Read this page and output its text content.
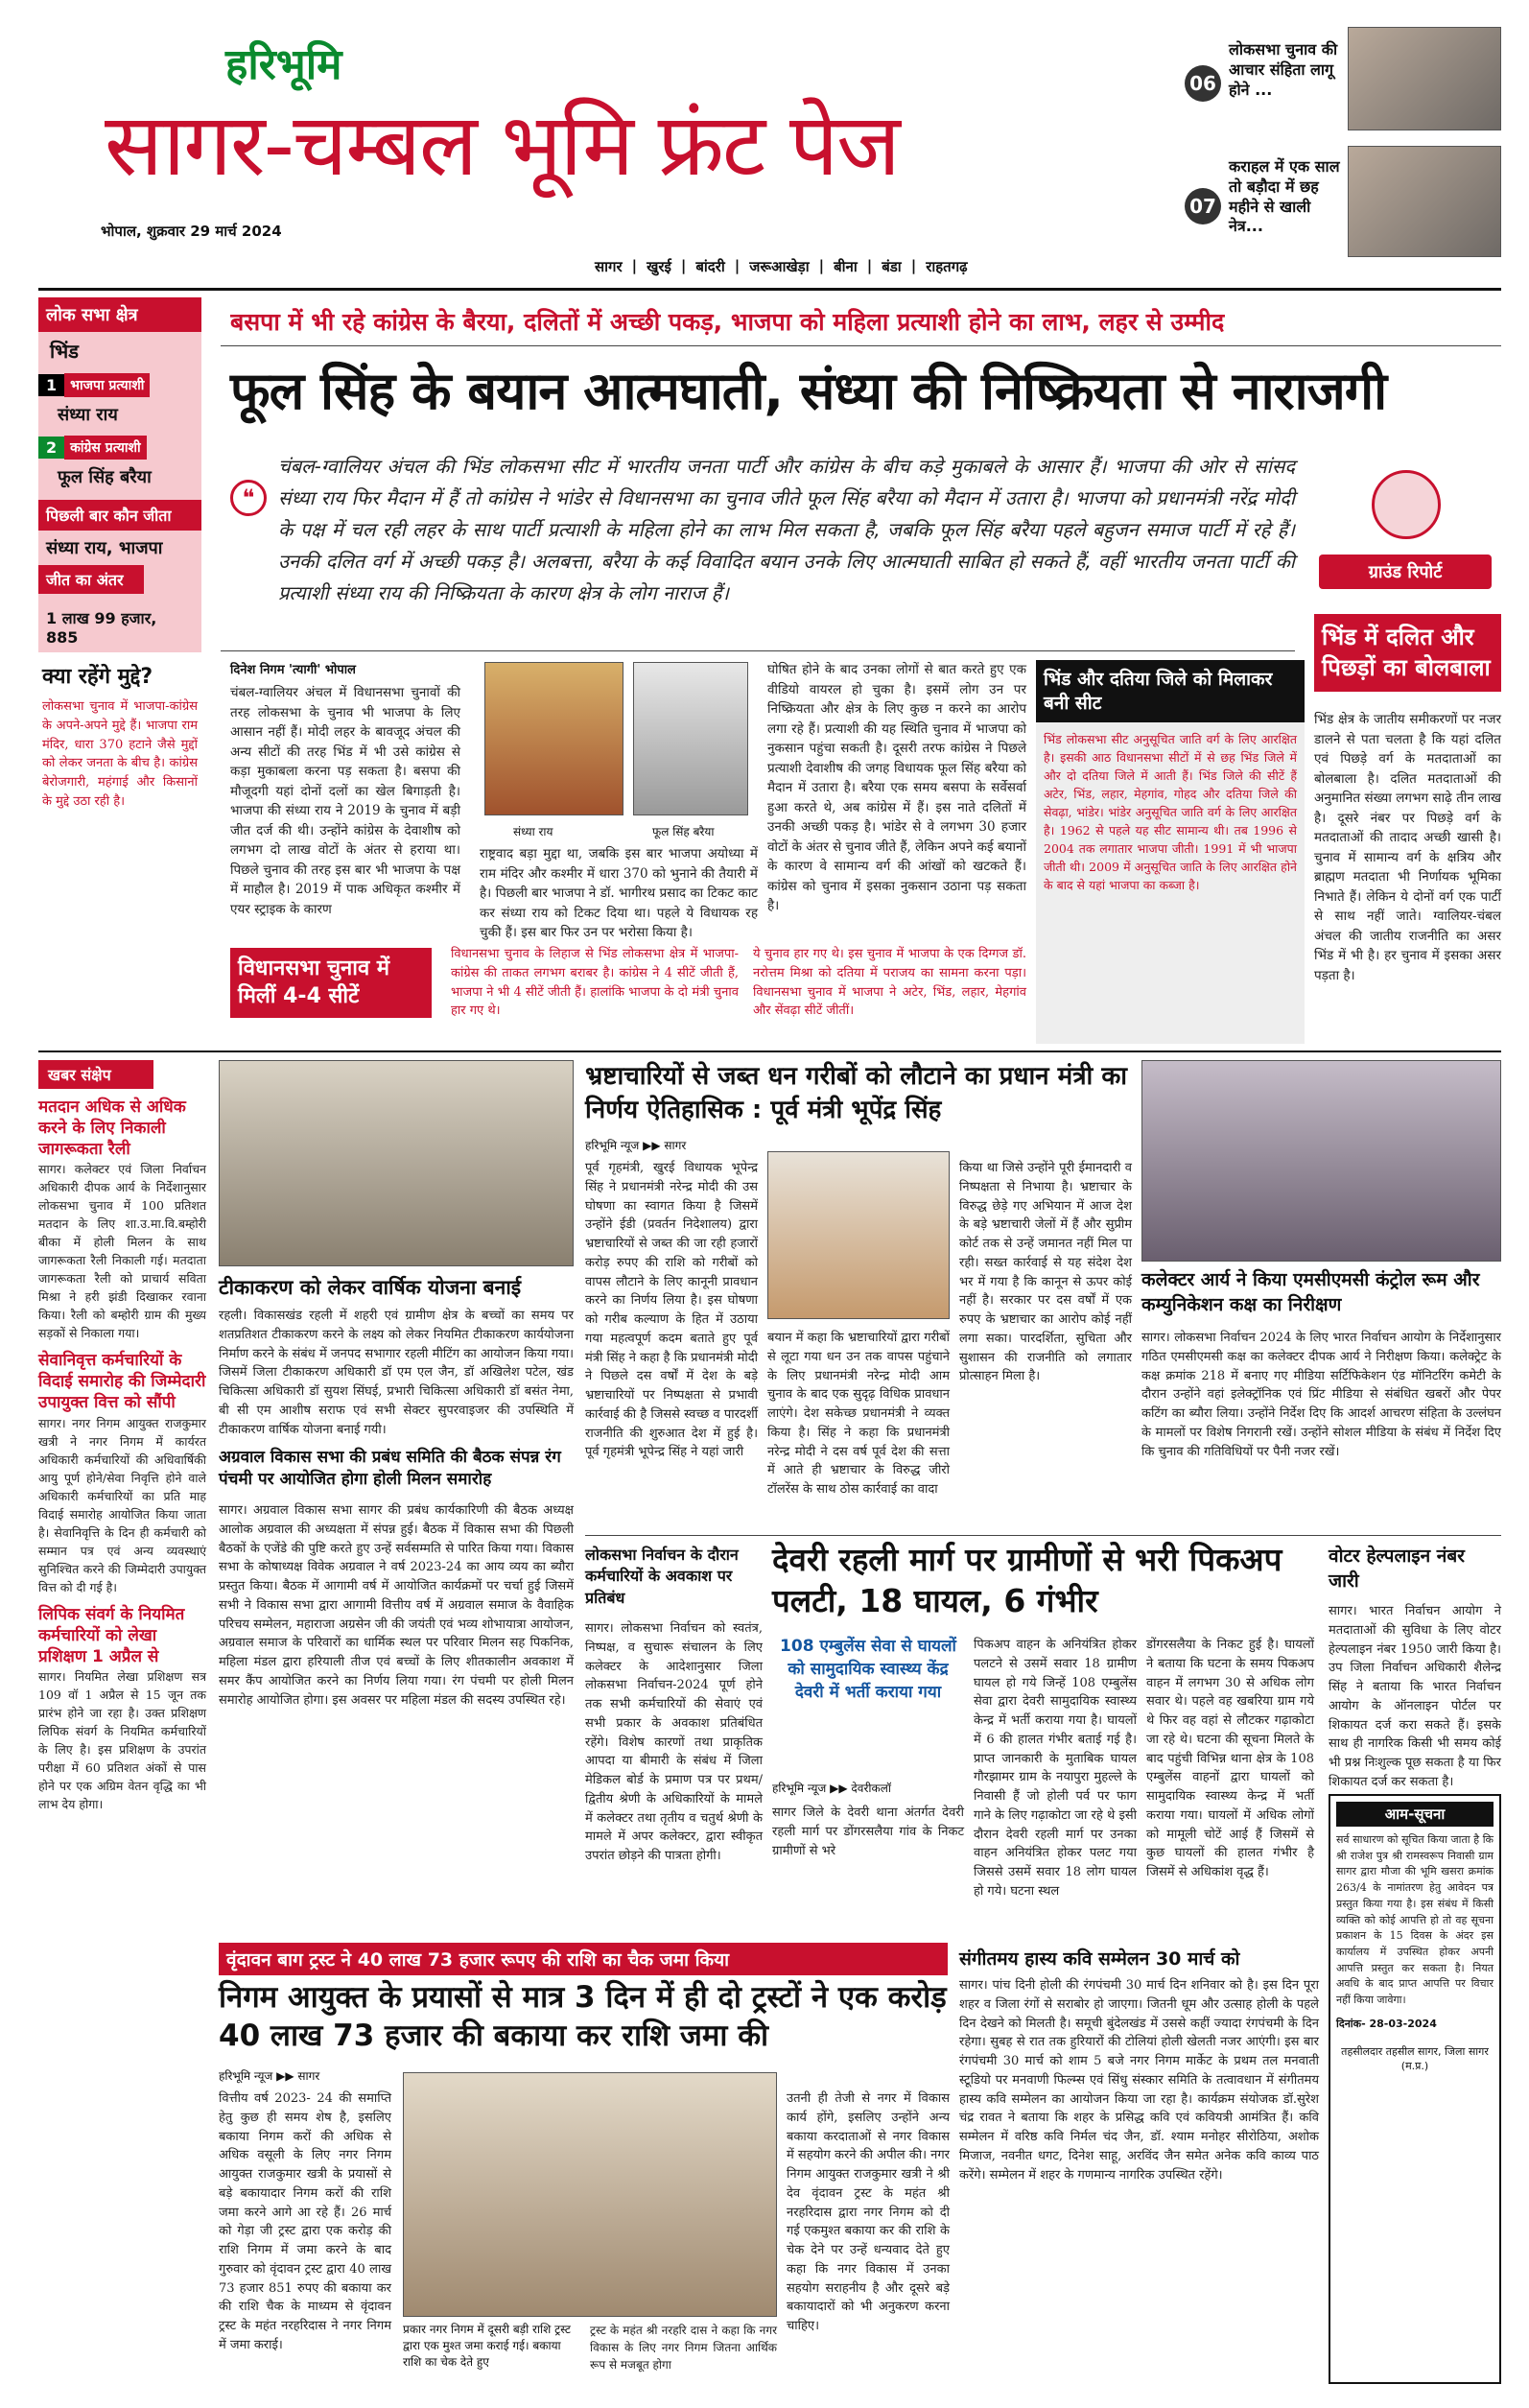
हरिभूमि
सागर-चम्बल भूमि फ्रंट पेज
भोपाल, शुक्रवार 29 मार्च 2024
सागर | खुरई | बांदरी | जरूआखेड़ा | बीना | बंडा | राहतगढ़
06
लोकसभा चुनाव की आचार संहिता लागू होने ...
07
कराहल में एक साल तो बड़ौदा में छह महीने से खाली नेत्र...
लोक सभा क्षेत्र
भिंड
1	भाजपा प्रत्याशी
संध्या राय
2	कांग्रेस प्रत्याशी
फूल सिंह बरैया
पिछली बार कौन जीता
संध्या राय, भाजपा
जीत का अंतर
1 लाख 99 हजार, 885
क्या रहेंगे मुद्दे?
लोकसभा चुनाव में भाजपा-कांग्रेस के अपने-अपने मुद्दे हैं। भाजपा राम मंदिर, धारा 370 हटाने जैसे मुद्दों को लेकर जनता के बीच है। कांग्रेस बेरोजगारी, महंगाई और किसानों के मुद्दे उठा रही है।
बसपा में भी रहे कांग्रेस के बैरया, दलितों में अच्छी पकड़, भाजपा को महिला प्रत्याशी होने का लाभ, लहर से उम्मीद
फूल सिंह के बयान आत्मघाती, संध्या की निष्क्रियता से नाराजगी
❝
चंबल-ग्वालियर अंचल की भिंड लोकसभा सीट में भारतीय जनता पार्टी और कांग्रेस के बीच कड़े मुकाबले के आसार हैं। भाजपा की ओर से सांसद संध्या राय फिर मैदान में हैं तो कांग्रेस ने भांडेर से विधानसभा का चुनाव जीते फूल सिंह बरैया को मैदान में उतारा है। भाजपा को प्रधानमंत्री नरेंद्र मोदी के पक्ष में चल रही लहर के साथ पार्टी प्रत्याशी के महिला होने का लाभ मिल सकता है, जबकि फूल सिंह बरैया पहले बहुजन समाज पार्टी में रहे हैं। उनकी दलित वर्ग में अच्छी पकड़ है। अलबत्ता, बरैया के कई विवादित बयान उनके लिए आत्मघाती साबित हो सकते हैं, वहीं भारतीय जनता पार्टी की प्रत्याशी संध्या राय की निष्क्रियता के कारण क्षेत्र के लोग नाराज हैं।
ग्राउंड रिपोर्ट
दिनेश निगम 'त्यागी' भोपाल
चंबल-ग्वालियर अंचल में विधानसभा चुनावों की तरह लोकसभा के चुनाव भी भाजपा के लिए आसान नहीं हैं। मोदी लहर के बावजूद अंचल की अन्य सीटों की तरह भिंड में भी उसे कांग्रेस से कड़ा मुकाबला करना पड़ सकता है। बसपा की मौजूदगी यहां दोनों दलों का खेल बिगाड़ती है। भाजपा की संध्या राय ने 2019 के चुनाव में बड़ी जीत दर्ज की थी। उन्होंने कांग्रेस के देवाशीष को लगभग दो लाख वोटों के अंतर से हराया था। पिछले चुनाव की तरह इस बार भी भाजपा के पक्ष में माहौल है। 2019 में पाक अधिकृत कश्मीर में एयर स्ट्राइक के कारण
संध्या राय	फूल सिंह बरैया
राष्ट्रवाद बड़ा मुद्दा था, जबकि इस बार भाजपा अयोध्या में राम मंदिर और कश्मीर में धारा 370 को भुनाने की तैयारी में है। पिछली बार भाजपा ने डॉ. भागीरथ प्रसाद का टिकट काट कर संध्या राय को टिकट दिया था। पहले ये विधायक रह चुकी हैं। इस बार फिर उन पर भरोसा किया है।
घोषित होने के बाद उनका लोगों से बात करते हुए एक वीडियो वायरल हो चुका है। इसमें लोग उन पर निष्क्रियता और क्षेत्र के लिए कुछ न करने का आरोप लगा रहे हैं। प्रत्याशी की यह स्थिति चुनाव में भाजपा को नुकसान पहुंचा सकती है। दूसरी तरफ कांग्रेस ने पिछले प्रत्याशी देवाशीष की जगह विधायक फूल सिंह बरैया को मैदान में उतारा है। बरैया एक समय बसपा के सर्वेसर्वा हुआ करते थे, अब कांग्रेस में हैं। इस नाते दलितों में उनकी अच्छी पकड़ है। भांडेर से वे लगभग 30 हजार वोटों के अंतर से चुनाव जीते हैं, लेकिन अपने कई बयानों के कारण वे सामान्य वर्ग की आंखों को खटकते हैं। कांग्रेस को चुनाव में इसका नुकसान उठाना पड़ सकता है।
भिंड और दतिया जिले को मिलाकर बनी सीट
भिंड लोकसभा सीट अनुसूचित जाति वर्ग के लिए आरक्षित है। इसकी आठ विधानसभा सीटों में से छह भिंड जिले में और दो दतिया जिले में आती हैं। भिंड जिले की सीटें हैं अटेर, भिंड, लहार, मेहगांव, गोहद और दतिया जिले की सेवढ़ा, भांडेर। भांडेर अनुसूचित जाति वर्ग के लिए आरक्षित है। 1962 से पहले यह सीट सामान्य थी। तब 1996 से 2004 तक लगातार भाजपा जीती। 1991 में भी भाजपा जीती थी। 2009 में अनुसूचित जाति के लिए आरक्षित होने के बाद से यहां भाजपा का कब्जा है।
भिंड में दलित और पिछड़ों का बोलबाला
भिंड क्षेत्र के जातीय समीकरणों पर नजर डालने से पता चलता है कि यहां दलित एवं पिछड़े वर्ग के मतदाताओं का बोलबाला है। दलित मतदाताओं की अनुमानित संख्या लगभग साढ़े तीन लाख है। दूसरे नंबर पर पिछड़े वर्ग के मतदाताओं की तादाद अच्छी खासी है। चुनाव में सामान्य वर्ग के क्षत्रिय और ब्राह्मण मतदाता भी निर्णायक भूमिका निभाते हैं। लेकिन ये दोनों वर्ग एक पार्टी से साथ नहीं जाते। ग्वालियर-चंबल अंचल की जातीय राजनीति का असर भिंड में भी है। हर चुनाव में इसका असर पड़ता है।
विधानसभा चुनाव में मिलीं 4-4 सीटें
विधानसभा चुनाव के लिहाज से भिंड लोकसभा क्षेत्र में भाजपा-कांग्रेस की ताकत लगभग बराबर है। कांग्रेस ने 4 सीटें जीती हैं, भाजपा ने भी 4 सीटें जीती हैं। हालांकि भाजपा के दो मंत्री चुनाव हार गए थे।
ये चुनाव हार गए थे। इस चुनाव में भाजपा के एक दिग्गज डॉ. नरोत्तम मिश्रा को दतिया में पराजय का सामना करना पड़ा। विधानसभा चुनाव में भाजपा ने अटेर, भिंड, लहार, मेहगांव और सेंवढ़ा सीटें जीतीं।
खबर संक्षेप
मतदान अधिक से अधिक करने के लिए निकाली जागरूकता रैली
सागर। कलेक्टर एवं जिला निर्वाचन अधिकारी दीपक आर्य के निर्देशानुसार लोकसभा चुनाव में 100 प्रतिशत मतदान के लिए शा.उ.मा.वि.बम्होरी बीका में होली मिलन के साथ जागरूकता रैली निकाली गई। मतदाता जागरूकता रैली को प्राचार्य सविता मिश्रा ने हरी झंडी दिखाकर रवाना किया। रैली को बम्होरी ग्राम की मुख्य सड़कों से निकाला गया।
सेवानिवृत्त कर्मचारियों के विदाई समारोह की जिम्मेदारी उपायुक्त वित्त को सौंपी
सागर। नगर निगम आयुक्त राजकुमार खत्री ने नगर निगम में कार्यरत अधिकारी कर्मचारियों की अधिवार्षिकी आयु पूर्ण होने/सेवा निवृत्ति होने वाले अधिकारी कर्मचारियों का प्रति माह विदाई समारोह आयोजित किया जाता है। सेवानिवृत्ति के दिन ही कर्मचारी को सम्मान पत्र एवं अन्य व्यवस्थाएं सुनिश्चित करने की जिम्मेदारी उपायुक्त वित्त को दी गई है।
लिपिक संवर्ग के नियमित कर्मचारियों को लेखा प्रशिक्षण 1 अप्रैल से
सागर। नियमित लेखा प्रशिक्षण सत्र 109 वॉ 1 अप्रैल से 15 जून तक प्रारंभ होने जा रहा है। उक्त प्रशिक्षण लिपिक संवर्ग के नियमित कर्मचारियों के लिए है। इस प्रशिक्षण के उपरांत परीक्षा में 60 प्रतिशत अंकों से पास होने पर एक अग्रिम वेतन वृद्धि का भी लाभ देय होगा।
टीकाकरण को लेकर वार्षिक योजना बनाई
रहली। विकासखंड रहली में शहरी एवं ग्रामीण क्षेत्र के बच्चों का समय पर शतप्रतिशत टीकाकरण करने के लक्ष्य को लेकर नियमित टीकाकरण कार्ययोजना निर्माण करने के संबंध में जनपद सभागार रहली मीटिंग का आयोजन किया गया। जिसमें जिला टीकाकरण अधिकारी डॉ एम एल जैन, डॉ अखिलेश पटेल, खंड चिकित्सा अधिकारी डॉ सुयश सिंघई, प्रभारी चिकित्सा अधिकारी डॉ बसंत नेमा, बी सी एम आशीष सराफ एवं सभी सेक्टर सुपरवाइजर की उपस्थिति में टीकाकरण वार्षिक योजना बनाई गयी।
अग्रवाल विकास सभा की प्रबंध समिति की बैठक संपन्न रंग पंचमी पर आयोजित होगा होली मिलन समारोह
सागर। अग्रवाल विकास सभा सागर की प्रबंध कार्यकारिणी की बैठक अध्यक्ष आलोक अग्रवाल की अध्यक्षता में संपन्न हुई। बैठक में विकास सभा की पिछली बैठकों के एजेंडे की पुष्टि करते हुए उन्हें सर्वसम्मति से पारित किया गया। विकास सभा के कोषाध्यक्ष विवेक अग्रवाल ने वर्ष 2023-24 का आय व्यय का ब्यौरा प्रस्तुत किया। बैठक में आगामी वर्ष में आयोजित कार्यक्रमों पर चर्चा हुई जिसमें सभी ने विकास सभा द्वारा आगामी वित्तीय वर्ष में अग्रवाल समाज के वैवाहिक परिचय सम्मेलन, महाराजा अग्रसेन जी की जयंती एवं भव्य शोभायात्रा आयोजन, अग्रवाल समाज के परिवारों का धार्मिक स्थल पर परिवार मिलन सह पिकनिक, महिला मंडल द्वारा हरियाली तीज एवं बच्चों के लिए शीतकालीन अवकाश में समर कैंप आयोजित करने का निर्णय लिया गया। रंग पंचमी पर होली मिलन समारोह आयोजित होगा। इस अवसर पर महिला मंडल की सदस्य उपस्थित रहे।
भ्रष्टाचारियों से जब्त धन गरीबों को लौटाने का प्रधान मंत्री का निर्णय ऐतिहासिक : पूर्व मंत्री भूपेंद्र सिंह
हरिभूमि न्यूज ▶▶ सागर
पूर्व गृहमंत्री, खुरई विधायक भूपेन्द्र सिंह ने प्रधानमंत्री नरेन्द्र मोदी की उस घोषणा का स्वागत किया है जिसमें उन्होंने ईडी (प्रवर्तन निदेशालय) द्वारा भ्रष्टाचारियों से जब्त की जा रही हजारों करोड़ रुपए की राशि को गरीबों को वापस लौटाने के लिए कानूनी प्रावधान करने का निर्णय लिया है। इस घोषणा को गरीब कल्याण के हित में उठाया गया महत्वपूर्ण कदम बताते हुए पूर्व मंत्री सिंह ने कहा है कि प्रधानमंत्री मोदी ने पिछले दस वर्षों में देश के बड़े भ्रष्टाचारियों पर निष्पक्षता से प्रभावी कार्रवाई की है जिससे स्वच्छ व पारदर्शी राजनीति की शुरुआत देश में हुई है। पूर्व गृहमंत्री भूपेन्द्र सिंह ने यहां जारी
बयान में कहा कि भ्रष्टाचारियों द्वारा गरीबों से लूटा गया धन उन तक वापस पहुंचाने के लिए प्रधानमंत्री नरेन्द्र मोदी आम चुनाव के बाद एक सुदृढ़ विधिक प्रावधान लाएंगे। देश सकेच्छ प्रधानमंत्री ने व्यक्त किया है। सिंह ने कहा कि प्रधानमंत्री नरेन्द्र मोदी ने दस वर्ष पूर्व देश की सत्ता में आते ही भ्रष्टाचार के विरुद्ध जीरो टॉलरेंस के साथ ठोस कार्रवाई का वादा
किया था जिसे उन्होंने पूरी ईमानदारी व निष्पक्षता से निभाया है। भ्रष्टाचार के विरुद्ध छेड़े गए अभियान में आज देश के बड़े भ्रष्टाचारी जेलों में हैं और सुप्रीम कोर्ट तक से उन्हें जमानत नहीं मिल पा रही। सख्त कार्रवाई से यह संदेश देश भर में गया है कि कानून से ऊपर कोई नहीं है। सरकार पर दस वर्षों में एक रुपए के भ्रष्टाचार का आरोप कोई नहीं लगा सका। पारदर्शिता, सुचिता और सुशासन की राजनीति को लगातार प्रोत्साहन मिला है।
कलेक्टर आर्य ने किया एमसीएमसी कंट्रोल रूम और कम्युनिकेशन कक्ष का निरीक्षण
सागर। लोकसभा निर्वाचन 2024 के लिए भारत निर्वाचन आयोग के निर्देशानुसार गठित एमसीएमसी कक्ष का कलेक्टर दीपक आर्य ने निरीक्षण किया। कलेक्ट्रेट के कक्ष क्रमांक 218 में बनाए गए मीडिया सर्टिफिकेशन एंड मॉनिटरिंग कमेटी के दौरान उन्होंने वहां इलेक्ट्रॉनिक एवं प्रिंट मीडिया से संबंधित खबरों और पेपर कटिंग का ब्यौरा लिया। उन्होंने निर्देश दिए कि आदर्श आचरण संहिता के उल्लंघन के मामलों पर विशेष निगरानी रखें। उन्होंने सोशल मीडिया के संबंध में निर्देश दिए कि चुनाव की गतिविधियों पर पैनी नजर रखें।
लोकसभा निर्वाचन के दौरान कर्मचारियों के अवकाश पर प्रतिबंध
सागर। लोकसभा निर्वाचन को स्वतंत्र, निष्पक्ष, व सुचारू संचालन के लिए कलेक्टर के आदेशानुसार जिला लोकसभा निर्वाचन-2024 पूर्ण होने तक सभी कर्मचारियों की सेवाएं एवं सभी प्रकार के अवकाश प्रतिबंधित रहेंगे। विशेष कारणों तथा प्राकृतिक आपदा या बीमारी के संबंध में जिला मेडिकल बोर्ड के प्रमाण पत्र पर प्रथम/द्वितीय श्रेणी के अधिकारियों के मामले में कलेक्टर तथा तृतीय व चतुर्थ श्रेणी के मामले में अपर कलेक्टर, द्वारा स्वीकृत उपरांत छोड़ने की पात्रता होगी।
देवरी रहली मार्ग पर ग्रामीणों से भरी पिकअप पलटी, 18 घायल, 6 गंभीर
108 एम्बुलेंस सेवा से घायलों को सामुदायिक स्वास्थ्य केंद्र देवरी में भर्ती कराया गया
हरिभूमि न्यूज ▶▶ देवरीकलॉ
सागर जिले के देवरी थाना अंतर्गत देवरी रहली मार्ग पर डोंगरसलैया गांव के निकट ग्रामीणों से भरे
पिकअप वाहन के अनियंत्रित होकर पलटने से उसमें सवार 18 ग्रामीण घायल हो गये जिन्हें 108 एम्बुलेंस सेवा द्वारा देवरी सामुदायिक स्वास्थ्य केन्द्र में भर्ती कराया गया है। घायलों में 6 की हालत गंभीर बताई गई है। प्राप्त जानकारी के मुताबिक घायल गौरझामर ग्राम के नयापुरा मुहल्ले के निवासी हैं जो होली पर्व पर फाग गाने के लिए गढ़ाकोटा जा रहे थे इसी दौरान देवरी रहली मार्ग पर उनका वाहन अनियंत्रित होकर पलट गया जिससे उसमें सवार 18 लोग घायल हो गये। घटना स्थल
डोंगरसलैया के निकट हुई है। घायलों ने बताया कि घटना के समय पिकअप वाहन में लगभग 30 से अधिक लोग सवार थे। पहले वह खबरिया ग्राम गये थे फिर वह वहां से लौटकर गढ़ाकोटा जा रहे थे। घटना की सूचना मिलते के बाद पहुंची विभिन्न थाना क्षेत्र के 108 एम्बुलेंस वाहनों द्वारा घायलों को सामुदायिक स्वास्थ्य केन्द्र में भर्ती कराया गया। घायलों में अधिक लोगों को मामूली चोटें आई हैं जिसमें से कुछ घायलों की हालत गंभीर है जिसमें से अधिकांश वृद्ध हैं।
वोटर हेल्पलाइन नंबर जारी
सागर। भारत निर्वाचन आयोग ने मतदाताओं की सुविधा के लिए वोटर हेल्पलाइन नंबर 1950 जारी किया है। उप जिला निर्वाचन अधिकारी शैलेन्द्र सिंह ने बताया कि भारत निर्वाचन आयोग के ऑनलाइन पोर्टल पर शिकायत दर्ज करा सकते हैं। इसके साथ ही नागरिक किसी भी समय कोई भी प्रश्न निःशुल्क पूछ सकता है या फिर शिकायत दर्ज कर सकता है।
आम-सूचना
सर्व साधारण को सूचित किया जाता है कि श्री राजेश पुत्र श्री रामस्वरूप निवासी ग्राम सागर द्वारा मौजा की भूमि खसरा क्रमांक 263/4 के नामांतरण हेतु आवेदन पत्र प्रस्तुत किया गया है। इस संबंध में किसी व्यक्ति को कोई आपत्ति हो तो वह सूचना प्रकाशन के 15 दिवस के अंदर इस कार्यालय में उपस्थित होकर अपनी आपत्ति प्रस्तुत कर सकता है। नियत अवधि के बाद प्राप्त आपत्ति पर विचार नहीं किया जावेगा।
दिनांक- 28-03-2024
तहसीलदार तहसील सागर, जिला सागर (म.प्र.)
वृंदावन बाग ट्रस्ट ने 40 लाख 73 हजार रूपए की राशि का चैक जमा किया
निगम आयुक्त के प्रयासों से मात्र 3 दिन में ही दो ट्रस्टों ने एक करोड़ 40 लाख 73 हजार की बकाया कर राशि जमा की
हरिभूमि न्यूज ▶▶ सागर
वित्तीय वर्ष 2023- 24 की समाप्ति हेतु कुछ ही समय शेष है, इसलिए बकाया निगम करों की अधिक से अधिक वसूली के लिए नगर निगम आयुक्त राजकुमार खत्री के प्रयासों से बड़े बकायादार निगम करों की राशि जमा करने आगे आ रहे हैं। 26 मार्च को गेड़ा जी ट्रस्ट द्वारा एक करोड़ की राशि निगम में जमा करने के बाद गुरुवार को वृंदावन ट्रस्ट द्वारा 40 लाख 73 हजार 851 रुपए की बकाया कर की राशि चैक के माध्यम से वृंदावन ट्रस्ट के महंत नरहरिदास ने नगर निगम में जमा कराई।
प्रकार नगर निगम में दूसरी बड़ी राशि ट्रस्ट द्वारा एक मुश्त जमा कराई गई। बकाया राशि का चेक देते हुए
ट्रस्ट के महंत श्री नरहरि दास ने कहा कि नगर विकास के लिए नगर निगम जितना आर्थिक रूप से मजबूत होगा
उतनी ही तेजी से नगर में विकास कार्य होंगे, इसलिए उन्होंने अन्य बकाया करदाताओं से नगर विकास में सहयोग करने की अपील की। नगर निगम आयुक्त राजकुमार खत्री ने श्री देव वृंदावन ट्रस्ट के महंत श्री नरहरिदास द्वारा नगर निगम को दी गई एकमुश्त बकाया कर की राशि के चेक देने पर उन्हें धन्यवाद देते हुए कहा कि नगर विकास में उनका सहयोग सराहनीय है और दूसरे बड़े बकायादारों को भी अनुकरण करना चाहिए।
संगीतमय हास्य कवि सम्मेलन 30 मार्च को
सागर। पांच दिनी होली की रंगपंचमी 30 मार्च दिन शनिवार को है। इस दिन पूरा शहर व जिला रंगों से सराबोर हो जाएगा। जितनी धूम और उत्साह होली के पहले दिन देखने को मिलती है। समूची बुंदेलखंड में उससे कहीं ज्यादा रंगपंचमी के दिन रहेगा। सुबह से रात तक हुरियारों की टोलियां होली खेलती नजर आएंगी। इस बार रंगपंचमी 30 मार्च को शाम 5 बजे नगर निगम मार्केट के प्रथम तल मनवाती स्टूडियो पर मनवाणी फिल्म्स एवं सिंधु संस्कार समिति के तत्वावधान में संगीतमय हास्य कवि सम्मेलन का आयोजन किया जा रहा है। कार्यक्रम संयोजक डॉ.सुरेश चंद्र रावत ने बताया कि शहर के प्रसिद्ध कवि एवं कवियत्री आमंत्रित हैं। कवि सम्मेलन में वरिष्ठ कवि निर्मल चंद जैन, डॉ. श्याम मनोहर सीरोठिया, अशोक मिजाज, नवनीत धगट, दिनेश साहू, अरविंद जैन समेत अनेक कवि काव्य पाठ करेंगे। सम्मेलन में शहर के गणमान्य नागरिक उपस्थित रहेंगे।
